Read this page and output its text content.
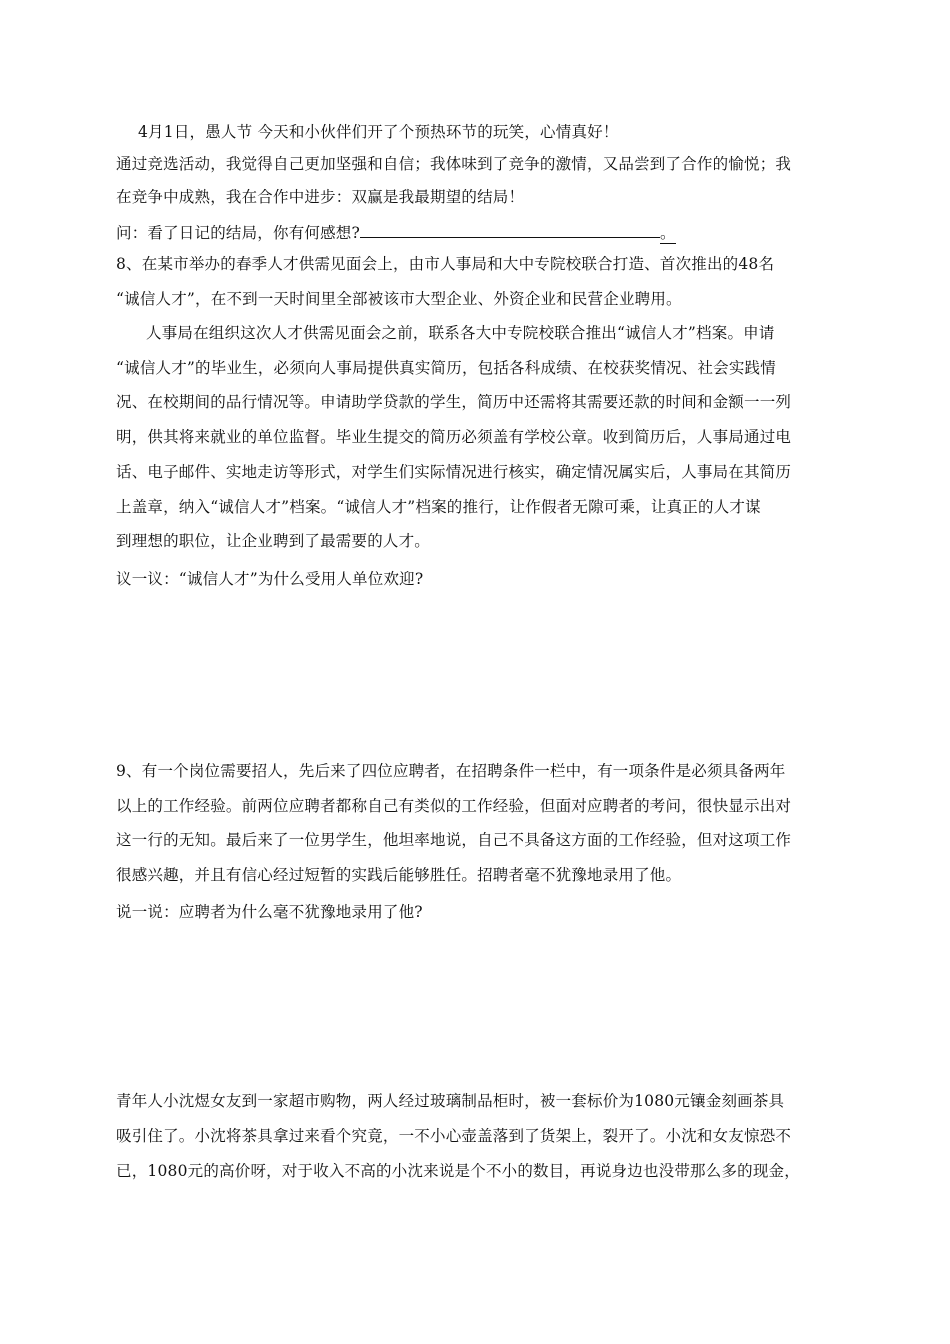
4月1日，愚人节 今天和小伙伴们开了个预热环节的玩笑，心情真好！
通过竞选活动，我觉得自己更加坚强和自信；我体味到了竞争的激情，又品尝到了合作的愉悦；我
在竞争中成熟，我在合作中进步：双赢是我最期望的结局！
问：看了日记的结局，你有何感想?	。
8、在某市举办的春季人才供需见面会上，由市人事局和大中专院校联合打造、首次推出的48名
“诚信人才”，在不到一天时间里全部被该市大型企业、外资企业和民营企业聘用。
人事局在组织这次人才供需见面会之前，联系各大中专院校联合推出“诚信人才”档案。申请
“诚信人才”的毕业生，必须向人事局提供真实简历，包括各科成绩、在校获奖情况、社会实践情
况、在校期间的品行情况等。申请助学贷款的学生，简历中还需将其需要还款的时间和金额一一列
明，供其将来就业的单位监督。毕业生提交的简历必须盖有学校公章。收到简历后，人事局通过电
话、电子邮件、实地走访等形式，对学生们实际情况进行核实，确定情况属实后，人事局在其简历
上盖章，纳入“诚信人才”档案。“诚信人才”档案的推行，让作假者无隙可乘，让真正的人才谋
到理想的职位，让企业聘到了最需要的人才。
议一议：“诚信人才”为什么受用人单位欢迎?
9、有一个岗位需要招人，先后来了四位应聘者，在招聘条件一栏中，有一项条件是必须具备两年
以上的工作经验。前两位应聘者都称自己有类似的工作经验，但面对应聘者的考问，很快显示出对
这一行的无知。最后来了一位男学生，他坦率地说，自己不具备这方面的工作经验，但对这项工作
很感兴趣，并且有信心经过短暂的实践后能够胜任。招聘者毫不犹豫地录用了他。
说一说：应聘者为什么毫不犹豫地录用了他?
青年人小沈煜女友到一家超市购物，两人经过玻璃制品柜时，被一套标价为1080元镶金刻画茶具
吸引住了。小沈将茶具拿过来看个究竟，一不小心壶盖落到了货架上，裂开了。小沈和女友惊恐不
已，1080元的高价呀，对于收入不高的小沈来说是个不小的数目，再说身边也没带那么多的现金，
